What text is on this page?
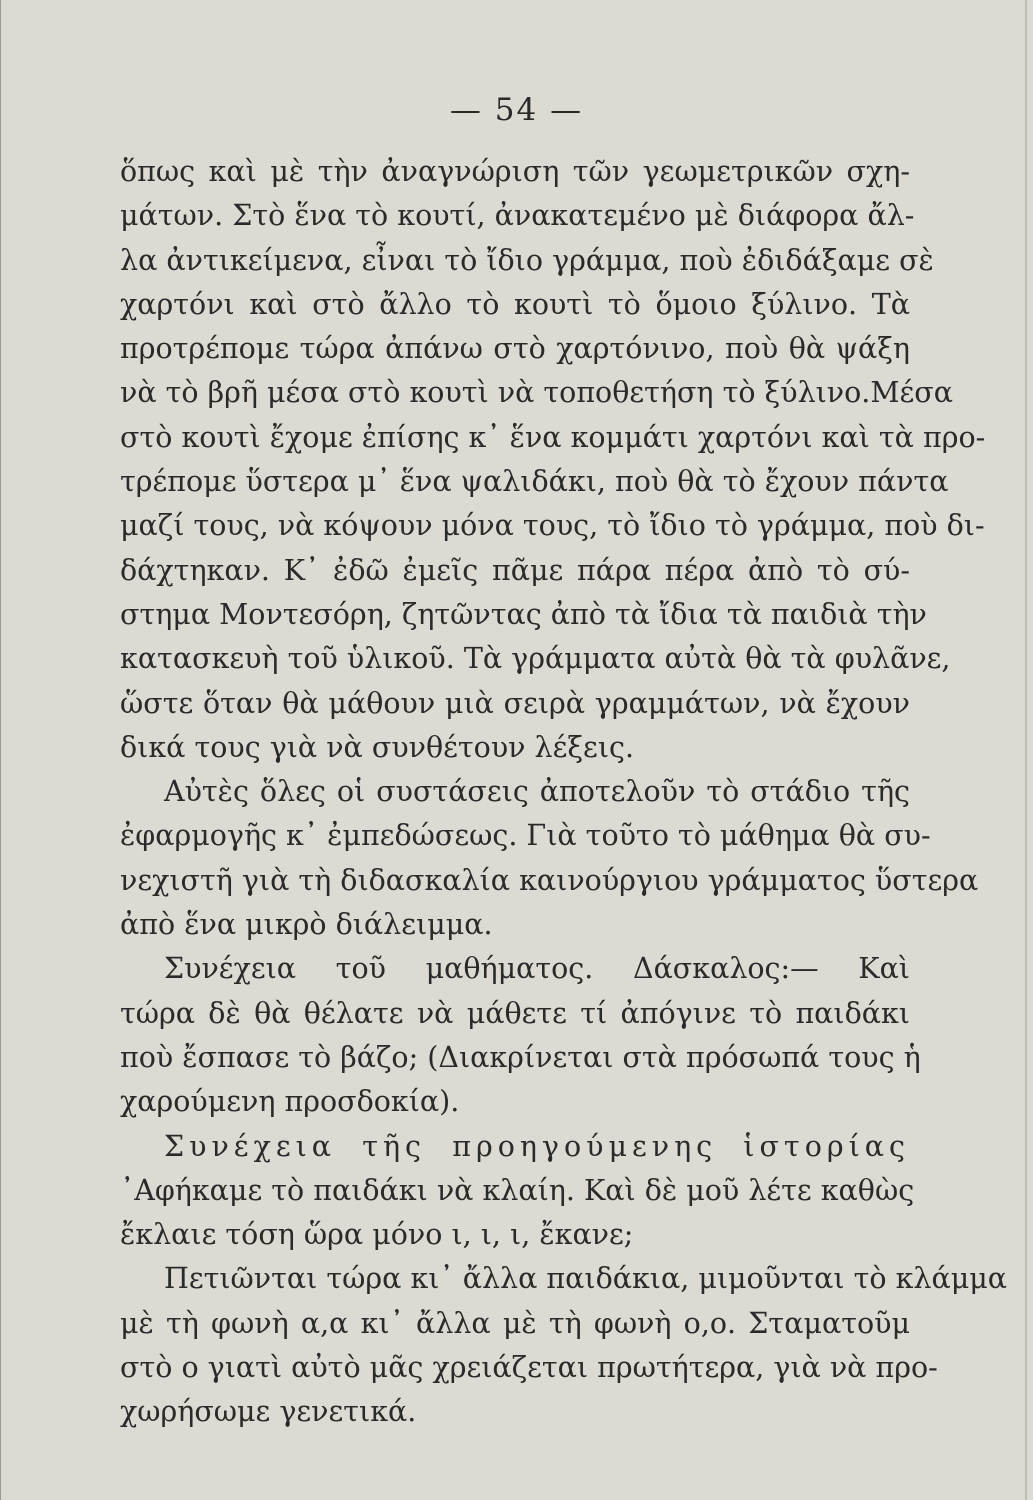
— 54 —
ὅπως καὶ μὲ τὴν ἀναγνώριση τῶν γεωμετρικῶν σχη-
μάτων. Στὸ ἕνα τὸ κουτί, ἀνακατεμένο μὲ διάφορα ἄλ-
λα ἀντικείμενα, εἶναι τὸ ἴδιο γράμμα, ποὺ ἐδιδάξαμε σὲ
χαρτόνι καὶ στὸ ἄλλο τὸ κουτὶ τὸ ὅμοιο ξύλινο. Τὰ
προτρέπομε τώρα ἀπάνω στὸ χαρτόνινο, ποὺ θὰ ψάξη
νὰ τὸ βρῆ μέσα στὸ κουτὶ νὰ τοποθετήση τὸ ξύλινο.Μέσα
στὸ κουτὶ ἔχομε ἐπίσης κ᾿ ἕνα κομμάτι χαρτόνι καὶ τὰ προ-
τρέπομε ὕστερα μ᾿ ἕνα ψαλιδάκι, ποὺ θὰ τὸ ἔχουν πάντα
μαζί τους, νὰ κόψουν μόνα τους, τὸ ἴδιο τὸ γράμμα, ποὺ δι-
δάχτηκαν. Κ᾿ ἐδῶ ἐμεῖς πᾶμε πάρα πέρα ἀπὸ τὸ σύ-
στημα Μοντεσόρη, ζητῶντας ἀπὸ τὰ ἴδια τὰ παιδιὰ τὴν
κατασκευὴ τοῦ ὑλικοῦ. Τὰ γράμματα αὐτὰ θὰ τὰ φυλᾶνε,
ὥστε ὅταν θὰ μάθουν μιὰ σειρὰ γραμμάτων, νὰ ἔχουν
δικά τους γιὰ νὰ συνθέτουν λέξεις.
Αὐτὲς ὅλες οἱ συστάσεις ἀποτελοῦν τὸ στάδιο τῆς
ἐφαρμογῆς κ᾿ ἐμπεδώσεως. Γιὰ τοῦτο τὸ μάθημα θὰ συ-
νεχιστῆ γιὰ τὴ διδασκαλία καινούργιου γράμματος ὕστερα
ἀπὸ ἕνα μικρὸ διάλειμμα.
Συνέχεια τοῦ μαθήματος. Δάσκαλος:— Καὶ
τώρα δὲ θὰ θέλατε νὰ μάθετε τί ἀπόγινε τὸ παιδάκι
ποὺ ἔσπασε τὸ βάζο; (Διακρίνεται στὰ πρόσωπά τους ἡ
χαρούμενη προσδοκία).
Συνέχεια τῆς προηγούμενης ἱστορίας
᾿Αφήκαμε τὸ παιδάκι νὰ κλαίη. Καὶ δὲ μοῦ λέτε καθὼς
ἔκλαιε τόση ὥρα μόνο ι, ι, ι, ἔκανε;
Πετιῶνται τώρα κι᾿ ἄλλα παιδάκια, μιμοῦνται τὸ κλάμμα
μὲ τὴ φωνὴ α,α κι᾿ ἄλλα μὲ τὴ φωνὴ ο,ο. Σταματοῦμ
στὸ ο γιατὶ αὐτὸ μᾶς χρειάζεται πρωτήτερα, γιὰ νὰ προ-
χωρήσωμε γενετικά.
